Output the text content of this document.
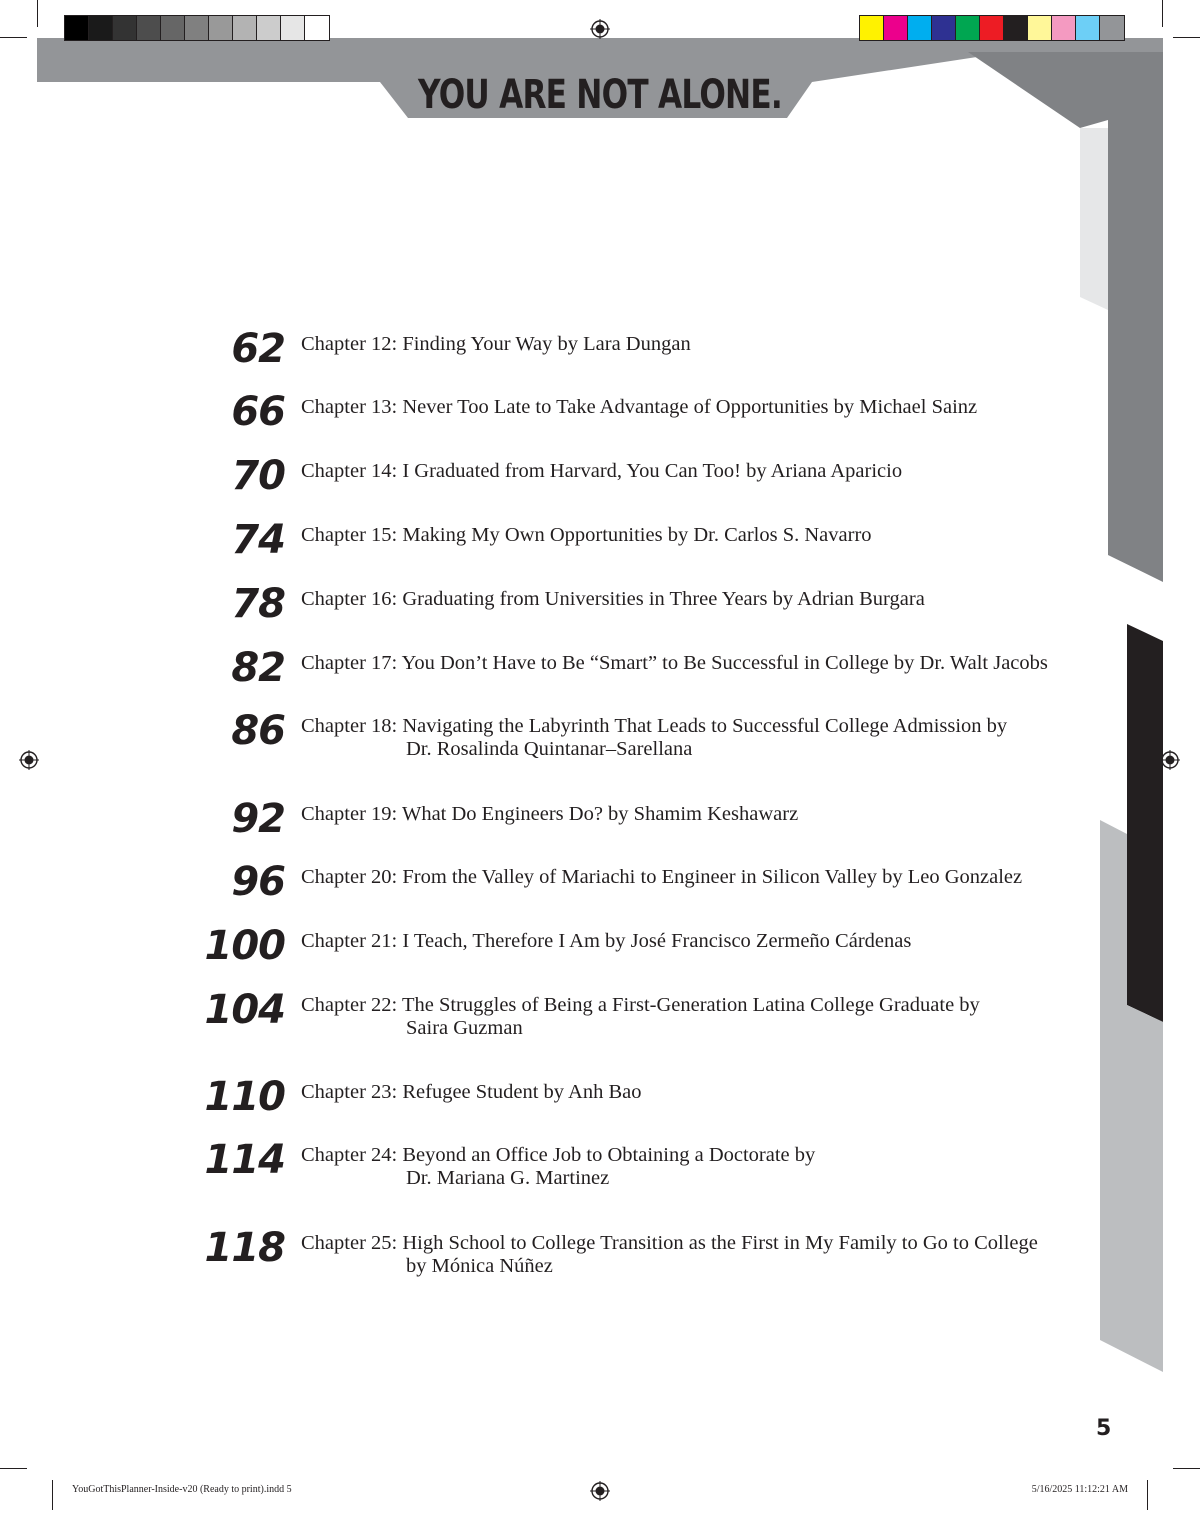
YOU ARE NOT ALONE.
62 Chapter 12: Finding Your Way by Lara Dungan
66 Chapter 13: Never Too Late to Take Advantage of Opportunities by Michael Sainz
70 Chapter 14: I Graduated from Harvard, You Can Too! by Ariana Aparicio
74 Chapter 15: Making My Own Opportunities by Dr. Carlos S. Navarro
78 Chapter 16: Graduating from Universities in Three Years by Adrian Burgara
82 Chapter 17: You Don’t Have to Be “Smart” to Be Successful in College by Dr. Walt Jacobs
86 Chapter 18: Navigating the Labyrinth That Leads to Successful College Admission by
Dr. Rosalinda Quintanar–Sarellana
92 Chapter 19: What Do Engineers Do? by Shamim Keshawarz
96 Chapter 20: From the Valley of Mariachi to Engineer in Silicon Valley by Leo Gonzalez
100 Chapter 21: I Teach, Therefore I Am by José Francisco Zermeño Cárdenas
104 Chapter 22: The Struggles of Being a First-Generation Latina College Graduate by
Saira Guzman
110 Chapter 23: Refugee Student by Anh Bao
114 Chapter 24: Beyond an Office Job to Obtaining a Doctorate by
Dr. Mariana G. Martinez
118 Chapter 25: High School to College Transition as the First in My Family to Go to College
by Mónica Núñez
5
YouGotThisPlanner-Inside-v20 (Ready to print).indd 5	5/16/2025 11:12:21 AM
